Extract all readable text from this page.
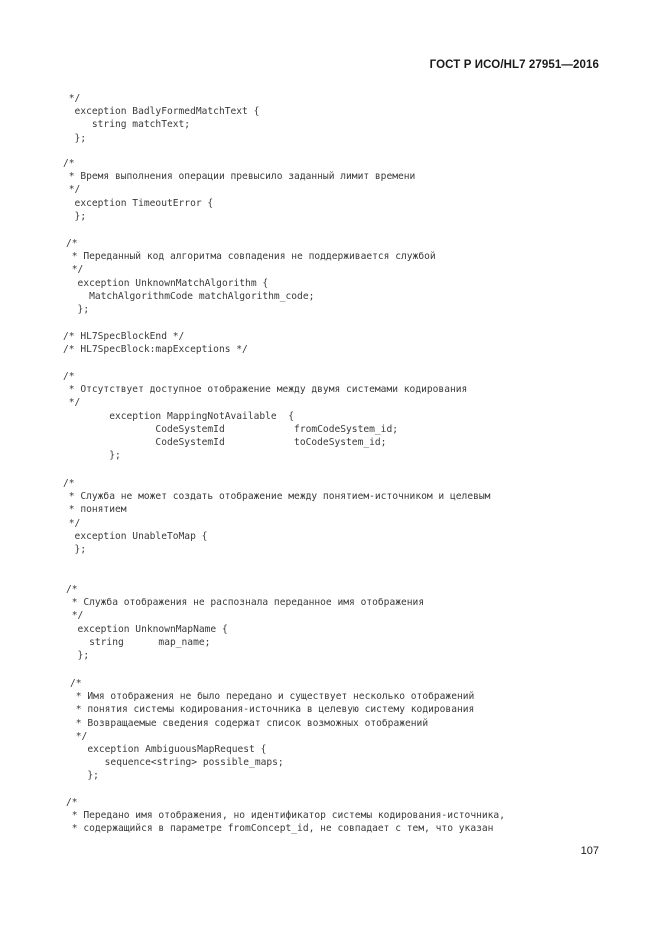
ГОСТ Р ИСО/HL7 27951—2016
*/
exception BadlyFormedMatchText {
string matchText;
};
/*
* Время выполнения операции превысило заданный лимит времени
*/
exception TimeoutError {
};
/*
* Переданный код алгоритма совпадения не поддерживается службой
*/
exception UnknownMatchAlgorithm {
MatchAlgorithmCode matchAlgorithm_code;
};
/* HL7SpecBlockEnd */
/* HL7SpecBlock:mapExceptions */
/*
* Отсутствует доступное отображение между двумя системами кодирования
*/
exception MappingNotAvailable  {
CodeSystemId            fromCodeSystem_id;
CodeSystemId            toCodeSystem_id;
};
/*
* Служба не может создать отображение между понятием-источником и целевым
* понятием
*/
exception UnableToMap {
};
/*
* Служба отображения не распознала переданное имя отображения
*/
exception UnknownMapName {
string      map_name;
};
/*
* Имя отображения не было передано и существует несколько отображений
* понятия системы кодирования-источника в целевую систему кодирования
* Возвращаемые сведения содержат список возможных отображений
*/
exception AmbiguousMapRequest {
sequence<string> possible_maps;
};
/*
* Передано имя отображения, но идентификатор системы кодирования-источника,
* содержащийся в параметре fromConcept_id, не совпадает с тем, что указан
107
